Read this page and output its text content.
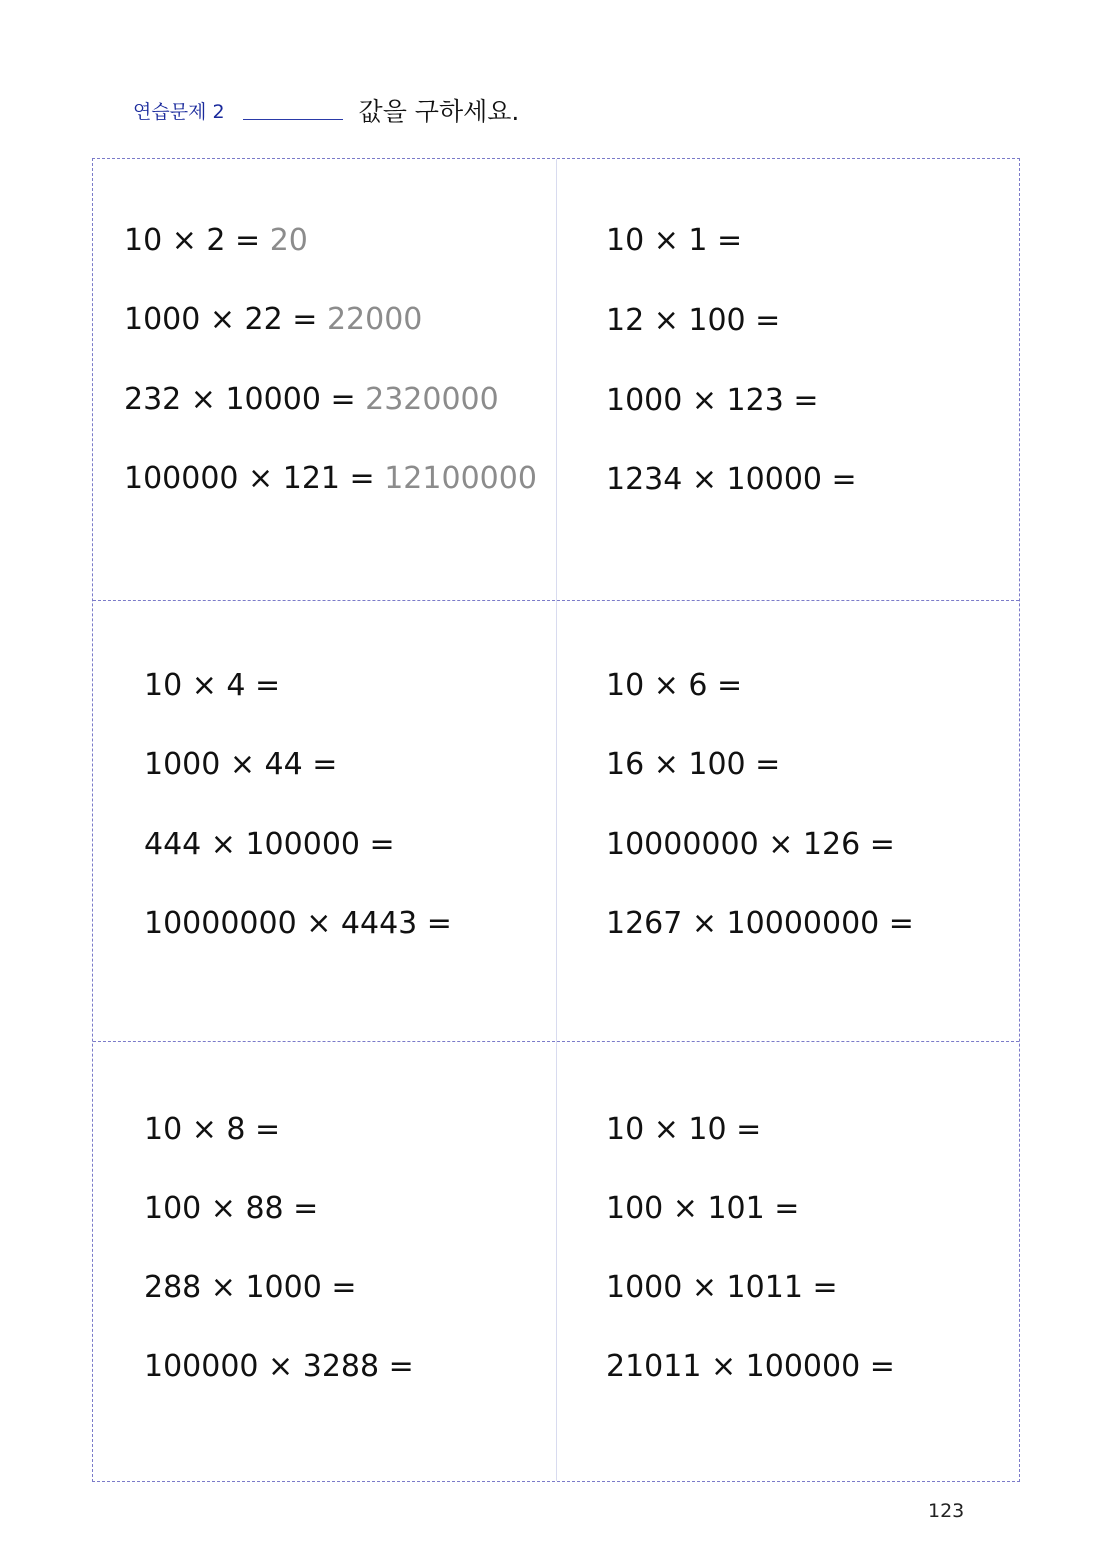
연습문제 2	값을 구하세요.
10 × 2 = 20
1000 × 22 = 22000
232 × 10000 = 2320000
100000 × 121 = 12100000
10 × 1 =
12 × 100 =
1000 × 123 =
1234 × 10000 =
10 × 4 =
1000 × 44 =
444 × 100000 =
10000000 × 4443 =
10 × 6 =
16 × 100 =
10000000 × 126 =
1267 × 10000000 =
10 × 8 =
100 × 88 =
288 × 1000 =
100000 × 3288 =
10 × 10 =
100 × 101 =
1000 × 1011 =
21011 × 100000 =
123
